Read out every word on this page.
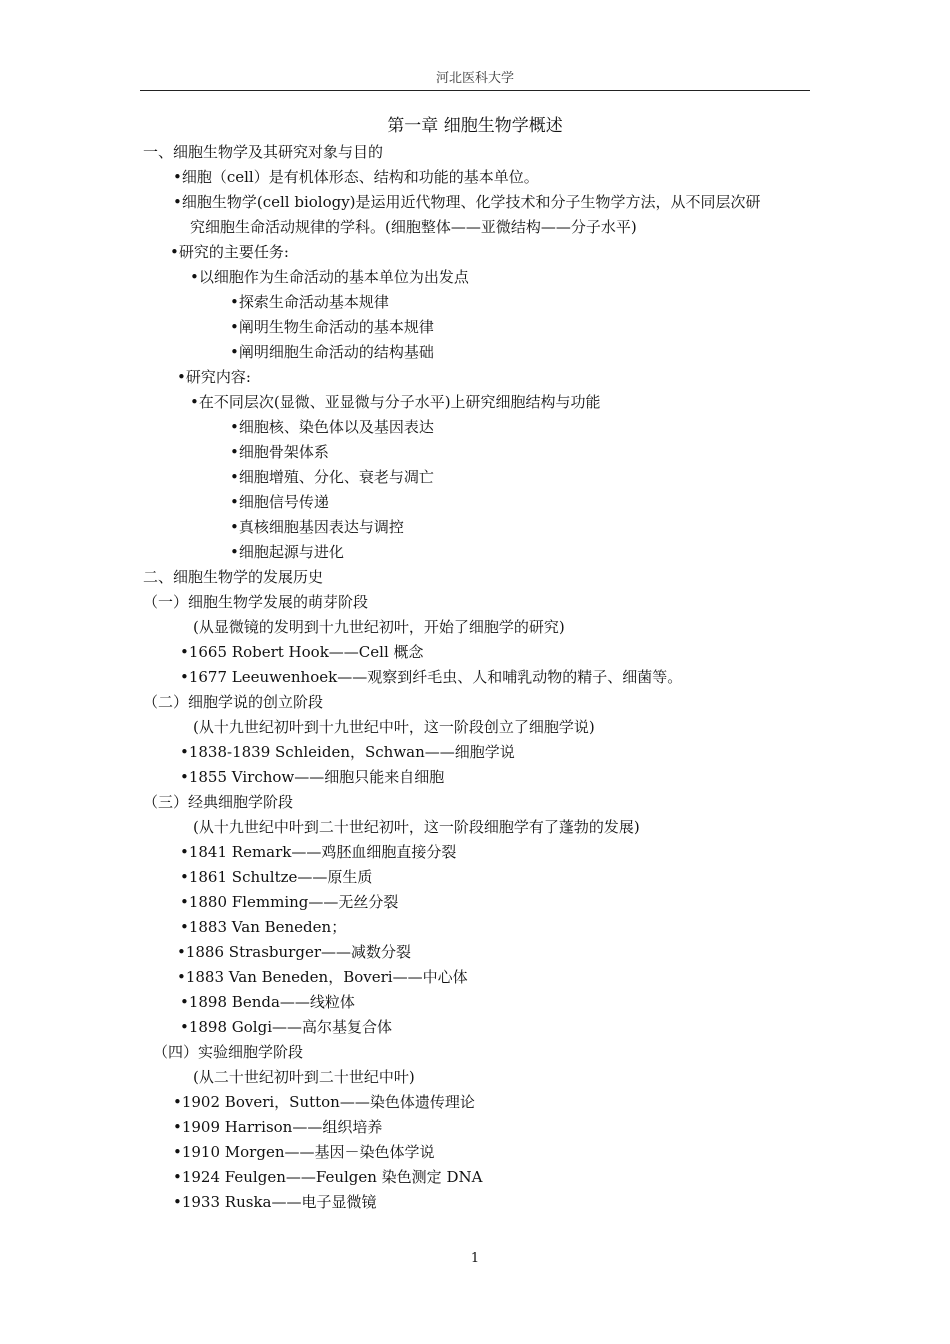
河北医科大学
第一章 细胞生物学概述
一、细胞生物学及其研究对象与目的
•细胞（cell）是有机体形态、结构和功能的基本单位。
•细胞生物学(cell biology)是运用近代物理、化学技术和分子生物学方法，从不同层次研
究细胞生命活动规律的学科。(细胞整体——亚微结构——分子水平)
•研究的主要任务:
•以细胞作为生命活动的基本单位为出发点
•探索生命活动基本规律
•阐明生物生命活动的基本规律
•阐明细胞生命活动的结构基础
•研究内容:
•在不同层次(显微、亚显微与分子水平)上研究细胞结构与功能
•细胞核、染色体以及基因表达
•细胞骨架体系
•细胞增殖、分化、衰老与凋亡
•细胞信号传递
•真核细胞基因表达与调控
•细胞起源与进化
二、细胞生物学的发展历史
（一）细胞生物学发展的萌芽阶段
(从显微镜的发明到十九世纪初叶，开始了细胞学的研究)
•1665 Robert Hook——Cell 概念
•1677 Leeuwenhoek——观察到纤毛虫、人和哺乳动物的精子、细菌等。
（二）细胞学说的创立阶段
(从十九世纪初叶到十九世纪中叶，这一阶段创立了细胞学说)
•1838-1839 Schleiden，Schwan——细胞学说
•1855 Virchow——细胞只能来自细胞
（三）经典细胞学阶段
(从十九世纪中叶到二十世纪初叶，这一阶段细胞学有了蓬勃的发展)
•1841 Remark——鸡胚血细胞直接分裂
•1861 Schultze——原生质
•1880 Flemming——无丝分裂
•1883 Van Beneden；
•1886 Strasburger——减数分裂
•1883 Van Beneden，Boveri——中心体
•1898 Benda——线粒体
•1898 Golgi——高尔基复合体
（四）实验细胞学阶段
(从二十世纪初叶到二十世纪中叶)
•1902 Boveri，Sutton——染色体遗传理论
•1909 Harrison——组织培养
•1910 Morgen——基因－染色体学说
•1924 Feulgen——Feulgen 染色测定 DNA
•1933 Ruska——电子显微镜
1
